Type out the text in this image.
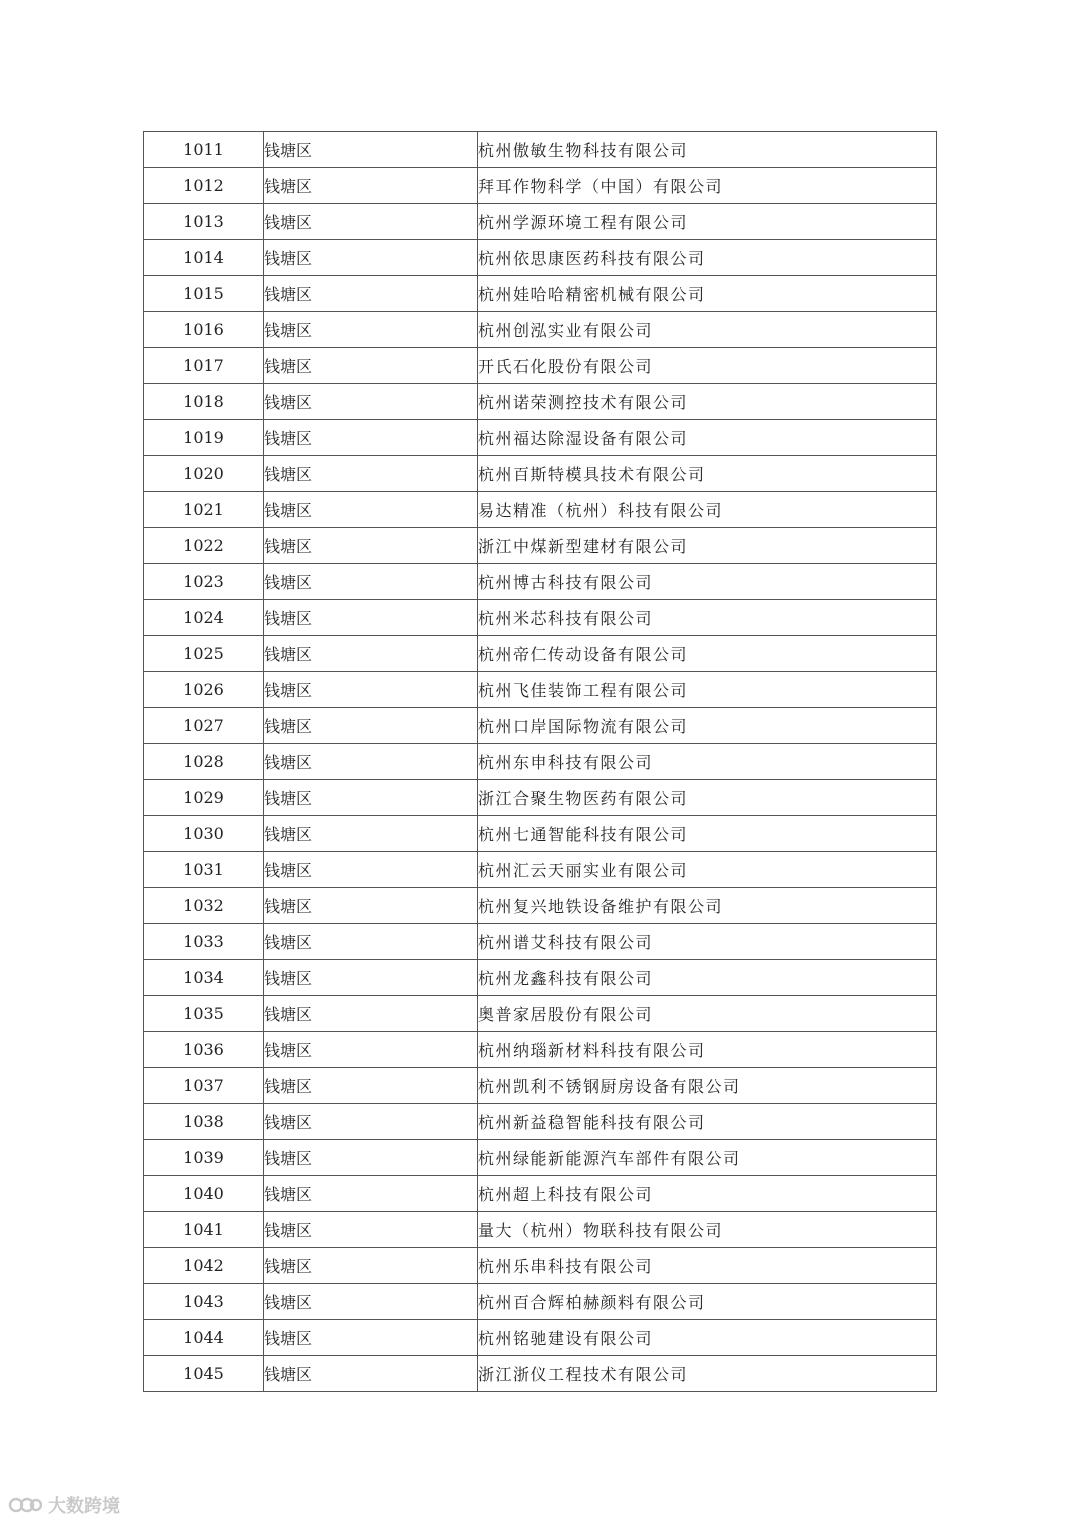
1011	钱塘区	杭州傲敏生物科技有限公司
1012	钱塘区	拜耳作物科学（中国）有限公司
1013	钱塘区	杭州学源环境工程有限公司
1014	钱塘区	杭州依思康医药科技有限公司
1015	钱塘区	杭州娃哈哈精密机械有限公司
1016	钱塘区	杭州创泓实业有限公司
1017	钱塘区	开氏石化股份有限公司
1018	钱塘区	杭州诺荣测控技术有限公司
1019	钱塘区	杭州福达除湿设备有限公司
1020	钱塘区	杭州百斯特模具技术有限公司
1021	钱塘区	易达精准（杭州）科技有限公司
1022	钱塘区	浙江中煤新型建材有限公司
1023	钱塘区	杭州博古科技有限公司
1024	钱塘区	杭州米芯科技有限公司
1025	钱塘区	杭州帝仁传动设备有限公司
1026	钱塘区	杭州飞佳装饰工程有限公司
1027	钱塘区	杭州口岸国际物流有限公司
1028	钱塘区	杭州东申科技有限公司
1029	钱塘区	浙江合聚生物医药有限公司
1030	钱塘区	杭州七通智能科技有限公司
1031	钱塘区	杭州汇云天丽实业有限公司
1032	钱塘区	杭州复兴地铁设备维护有限公司
1033	钱塘区	杭州谱艾科技有限公司
1034	钱塘区	杭州龙鑫科技有限公司
1035	钱塘区	奥普家居股份有限公司
1036	钱塘区	杭州纳瑙新材料科技有限公司
1037	钱塘区	杭州凯利不锈钢厨房设备有限公司
1038	钱塘区	杭州新益稳智能科技有限公司
1039	钱塘区	杭州绿能新能源汽车部件有限公司
1040	钱塘区	杭州超上科技有限公司
1041	钱塘区	量大（杭州）物联科技有限公司
1042	钱塘区	杭州乐串科技有限公司
1043	钱塘区	杭州百合辉柏赫颜料有限公司
1044	钱塘区	杭州铭驰建设有限公司
1045	钱塘区	浙江浙仪工程技术有限公司
大数跨境
